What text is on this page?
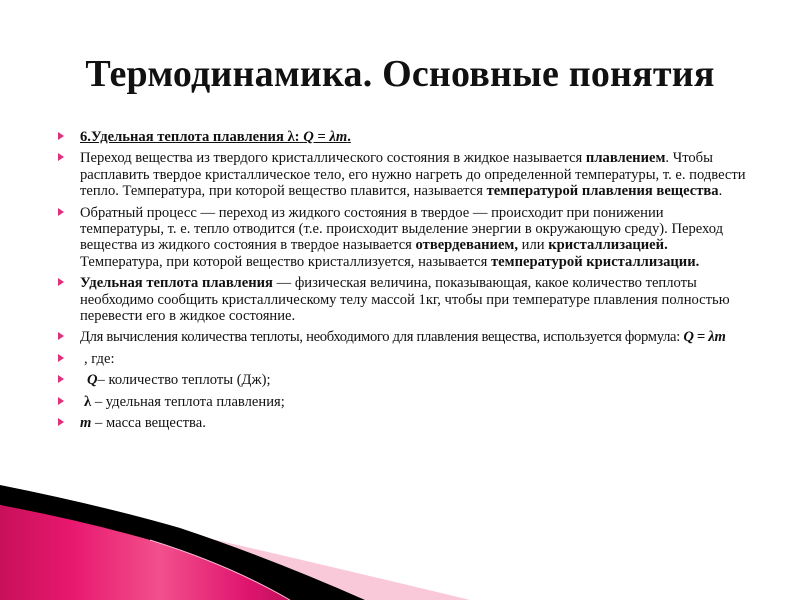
Термодинамика. Основные понятия
6.Удельная теплота плавления λ: Q = λm.
Переход вещества из твердого кристаллического состояния в жидкое называется плавлением. Чтобы расплавить твердое кристаллическое тело, его нужно нагреть до определенной температуры, т. е. подвести тепло. Температура, при которой вещество плавится, называется температурой плавления вещества.
Обратный процесс — переход из жидкого состояния в твердое — происходит при понижении температуры, т. е. тепло отводится (т.е. происходит выделение энергии в окружающую среду). Переход вещества из жидкого состояния в твердое называется отвердеванием, или кристаллизацией. Температура, при которой вещество кристаллизуется, называется температурой кристаллизации.
Удельная теплота плавления — физическая величина, показывающая, какое количество теплоты необходимо сообщить кристаллическому телу массой 1кг, чтобы при температуре плавления полностью перевести его в жидкое состояние.
Для вычисления количества теплоты, необходимого для плавления вещества, используется формула: Q = λm
, где:
Q– количество теплоты (Дж);
λ – удельная теплота плавления;
m – масса вещества.
